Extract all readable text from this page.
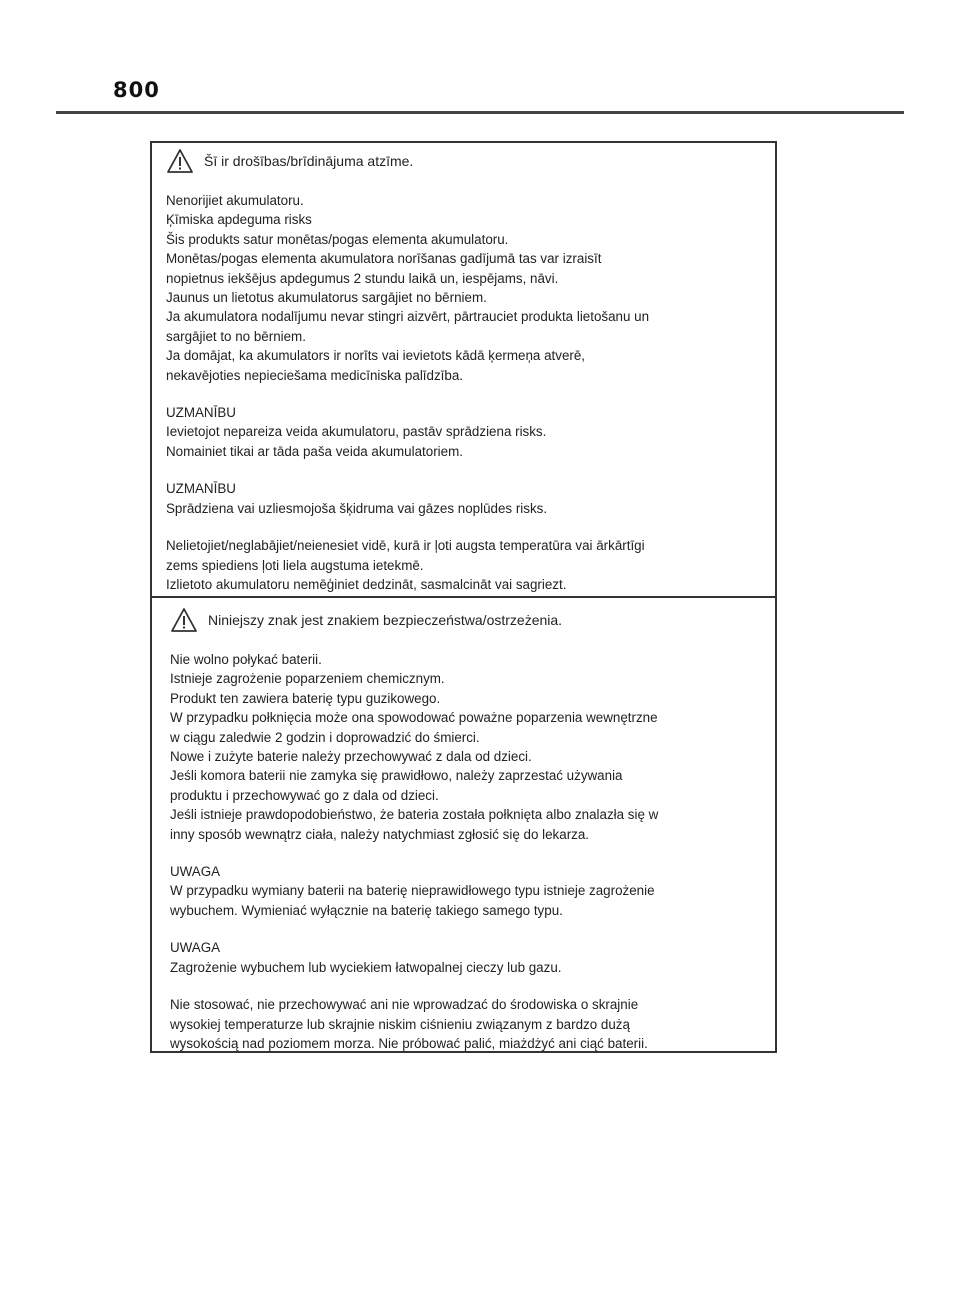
800
Šī ir drošības/brīdinājuma atzīme.

Nenorijiet akumulatoru.
Ķīmiska apdeguma risks
Šis produkts satur monētas/pogas elementa akumulatoru.
Monētas/pogas elementa akumulatora norīšanas gadījumā tas var izraisīt
nopietnus iekšējus apdegumus 2 stundu laikā un, iespējams, nāvi.
Jaunus un lietotus akumulatorus sargājiet no bērniem.
Ja akumulatora nodalījumu nevar stingri aizvērt, pārtrauciet produkta lietošanu un
sargājiet to no bērniem.
Ja domājat, ka akumulators ir norīts vai ievietots kādā ķermeņa atverē,
nekavējoties nepieciešama medicīniska palīdzība.

UZMANĪBU
Ievietojot nepareiza veida akumulatoru, pastāv sprādziena risks.
Nomainiet tikai ar tāda paša veida akumulatoriem.

UZMANĪBU
Sprādziena vai uzliesmojoša šķidruma vai gāzes noplūdes risks.

Nelietojiet/neglabājiet/neienesiet vidē, kurā ir ļoti augsta temperatūra vai ārkārtīgi
zems spiediens ļoti liela augstuma ietekmē.
Izlietoto akumulatoru nemēģiniet dedzināt, sasmalcināt vai sagriezt.

Niniejszy znak jest znakiem bezpieczeństwa/ostrzeżenia.

Nie wolno połykać baterii.
Istnieje zagrożenie poparzeniem chemicznym.
Produkt ten zawiera baterię typu guzikowego.
W przypadku połknięcia może ona spowodować poważne poparzenia wewnętrzne
w ciągu zaledwie 2 godzin i doprowadzić do śmierci.
Nowe i zużyte baterie należy przechowywać z dala od dzieci.
Jeśli komora baterii nie zamyka się prawidłowo, należy zaprzestać używania
produktu i przechowywać go z dala od dzieci.
Jeśli istnieje prawdopodobieństwo, że bateria została połknięta albo znalazła się w
inny sposób wewnątrz ciała, należy natychmiast zgłosić się do lekarza.

UWAGA
W przypadku wymiany baterii na baterię nieprawidłowego typu istnieje zagrożenie
wybuchem. Wymieniać wyłącznie na baterię takiego samego typu.

UWAGA
Zagrożenie wybuchem lub wyciekiem łatwopalnej cieczy lub gazu.

Nie stosować, nie przechowywać ani nie wprowadzać do środowiska o skrajnie
wysokiej temperaturze lub skrajnie niskim ciśnieniu związanym z bardzo dużą
wysokością nad poziomem morza. Nie próbować palić, miażdżyć ani ciąć baterii.
